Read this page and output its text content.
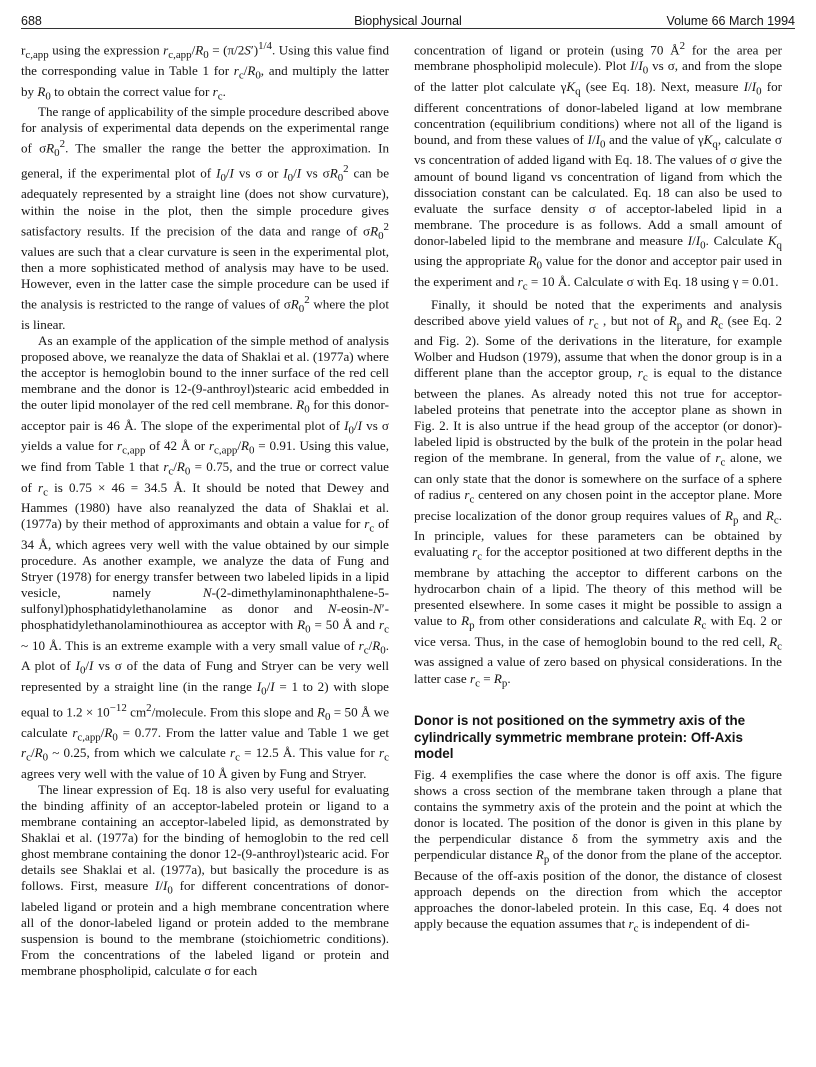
688	Biophysical Journal	Volume 66 March 1994

$r_{c,app}$ using the expression $r_{c,app}/R_0 = (\pi/2S')^{1/4}$. Using this value find the corresponding value in Table 1 for $r_c/R_0$, and multiply the latter by $R_0$ to obtain the correct value for $r_c$.

The range of applicability of the simple procedure described above for analysis of experimental data depends on the experimental range of $\sigma R_0^2$. The smaller the range the better the approximation. In general, if the experimental plot of $I_0/I$ vs σ or $I_0/I$ vs $\sigma R_0^2$ can be adequately represented by a straight line (does not show curvature), within the noise in the plot, then the simple procedure gives satisfactory results. If the precision of the data and range of $\sigma R_0^2$ values are such that a clear curvature is seen in the experimental plot, then a more sophisticated method of analysis may have to be used. However, even in the latter case the simple procedure can be used if the analysis is restricted to the range of values of $\sigma R_0^2$ where the plot is linear.

As an example of the application of the simple method of analysis proposed above, we reanalyze the data of Shaklai et al. (1977a) where the acceptor is hemoglobin bound to the inner surface of the red cell membrane and the donor is 12-(9-anthroyl)stearic acid embedded in the outer lipid monolayer of the red cell membrane. $R_0$ for this donor-acceptor pair is 46 Å. The slope of the experimental plot of $I_0/I$ vs σ yields a value for $r_{c,app}$ of 42 Å or $r_{c,app}/R_0 = 0.91$. Using this value, we find from Table 1 that $r_c/R_0 = 0.75$, and the true or correct value of $r_c$ is 0.75 × 46 = 34.5 Å. It should be noted that Dewey and Hammes (1980) have also reanalyzed the data of Shaklai et al. (1977a) by their method of approximants and obtain a value for $r_c$ of 34 Å, which agrees very well with the value obtained by our simple procedure. As another example, we analyze the data of Fung and Stryer (1978) for energy transfer between two labeled lipids in a lipid vesicle, namely N-(2-dimethylaminonaphthalene-5-sulfonyl)phosphatidylethanolamine as donor and N-eosin-N′-phosphatidylethanolaminothiourea as acceptor with $R_0 = 50$ Å and $r_c$ ~ 10 Å. This is an extreme example with a very small value of $r_c/R_0$. A plot of $I_0/I$ vs σ of the data of Fung and Stryer can be very well represented by a straight line (in the range $I_0/I = 1$ to 2) with slope equal to $1.2 \times 10^{-12}$ $cm^2$/molecule. From this slope and $R_0 = 50$ Å we calculate $r_{c,app}/R_0 = 0.77$. From the latter value and Table 1 we get $r_c/R_0$ ~ 0.25, from which we calculate $r_c = 12.5$ Å. This value for $r_c$ agrees very well with the value of 10 Å given by Fung and Stryer.

The linear expression of Eq. 18 is also very useful for evaluating the binding affinity of an acceptor-labeled protein or ligand to a membrane containing an acceptor-labeled lipid, as demonstrated by Shaklai et al. (1977a) for the binding of hemoglobin to the red cell ghost membrane containing the donor 12-(9-anthroyl)stearic acid. For details see Shaklai et al. (1977a), but basically the procedure is as follows. First, measure $I/I_0$ for different concentrations of donor-labeled ligand or protein and a high membrane concentration where all of the donor-labeled ligand or protein added to the membrane suspension is bound to the membrane (stoichiometric conditions). From the concentrations of the labeled ligand or protein and membrane phospholipid, calculate σ for each

concentration of ligand or protein (using 70 $Å^2$ for the area per membrane phospholipid molecule). Plot $I/I_0$ vs σ, and from the slope of the latter plot calculate $\gamma K_q$ (see Eq. 18). Next, measure $I/I_0$ for different concentrations of donor-labeled ligand at low membrane concentration (equilibrium conditions) where not all of the ligand is bound, and from these values of $I/I_0$ and the value of $\gamma K_q$, calculate σ vs concentration of added ligand with Eq. 18. The values of σ give the amount of bound ligand vs concentration of ligand from which the dissociation constant can be calculated. Eq. 18 can also be used to evaluate the surface density σ of acceptor-labeled lipid in a membrane. The procedure is as follows. Add a small amount of donor-labeled lipid to the membrane and measure $I/I_0$. Calculate $K_q$ using the appropriate $R_0$ value for the donor and acceptor pair used in the experiment and $r_c = 10$ Å. Calculate σ with Eq. 18 using γ = 0.01.

Finally, it should be noted that the experiments and analysis described above yield values of $r_c$ , but not of $R_p$ and $R_c$ (see Eq. 2 and Fig. 2). Some of the derivations in the literature, for example Wolber and Hudson (1979), assume that when the donor group is in a different plane than the acceptor group, $r_c$ is equal to the distance between the planes. As already noted this not true for acceptor-labeled proteins that penetrate into the acceptor plane as shown in Fig. 2. It is also untrue if the head group of the acceptor (or donor)-labeled lipid is obstructed by the bulk of the protein in the polar head region of the membrane. In general, from the value of $r_c$ alone, we can only state that the donor is somewhere on the surface of a sphere of radius $r_c$ centered on any chosen point in the acceptor plane. More precise localization of the donor group requires values of $R_p$ and $R_c$. In principle, values for these parameters can be obtained by evaluating $r_c$ for the acceptor positioned at two different depths in the membrane by attaching the acceptor to different carbons on the hydrocarbon chain of a lipid. The theory of this method will be presented elsewhere. In some cases it might be possible to assign a value to $R_p$ from other considerations and calculate $R_c$ with Eq. 2 or vice versa. Thus, in the case of hemoglobin bound to the red cell, $R_c$ was assigned a value of zero based on physical considerations. In the latter case $r_c = R_p$.

Donor is not positioned on the symmetry axis of the cylindrically symmetric membrane protein: Off-Axis model

Fig. 4 exemplifies the case where the donor is off axis. The figure shows a cross section of the membrane taken through a plane that contains the symmetry axis of the protein and the point at which the donor is located. The position of the donor is given in this plane by the perpendicular distance δ from the symmetry axis and the perpendicular distance $R_p$ of the donor from the plane of the acceptor. Because of the off-axis position of the donor, the distance of closest approach depends on the direction from which the acceptor approaches the donor-labeled protein. In this case, Eq. 4 does not apply because the equation assumes that $r_c$ is independent of di-
